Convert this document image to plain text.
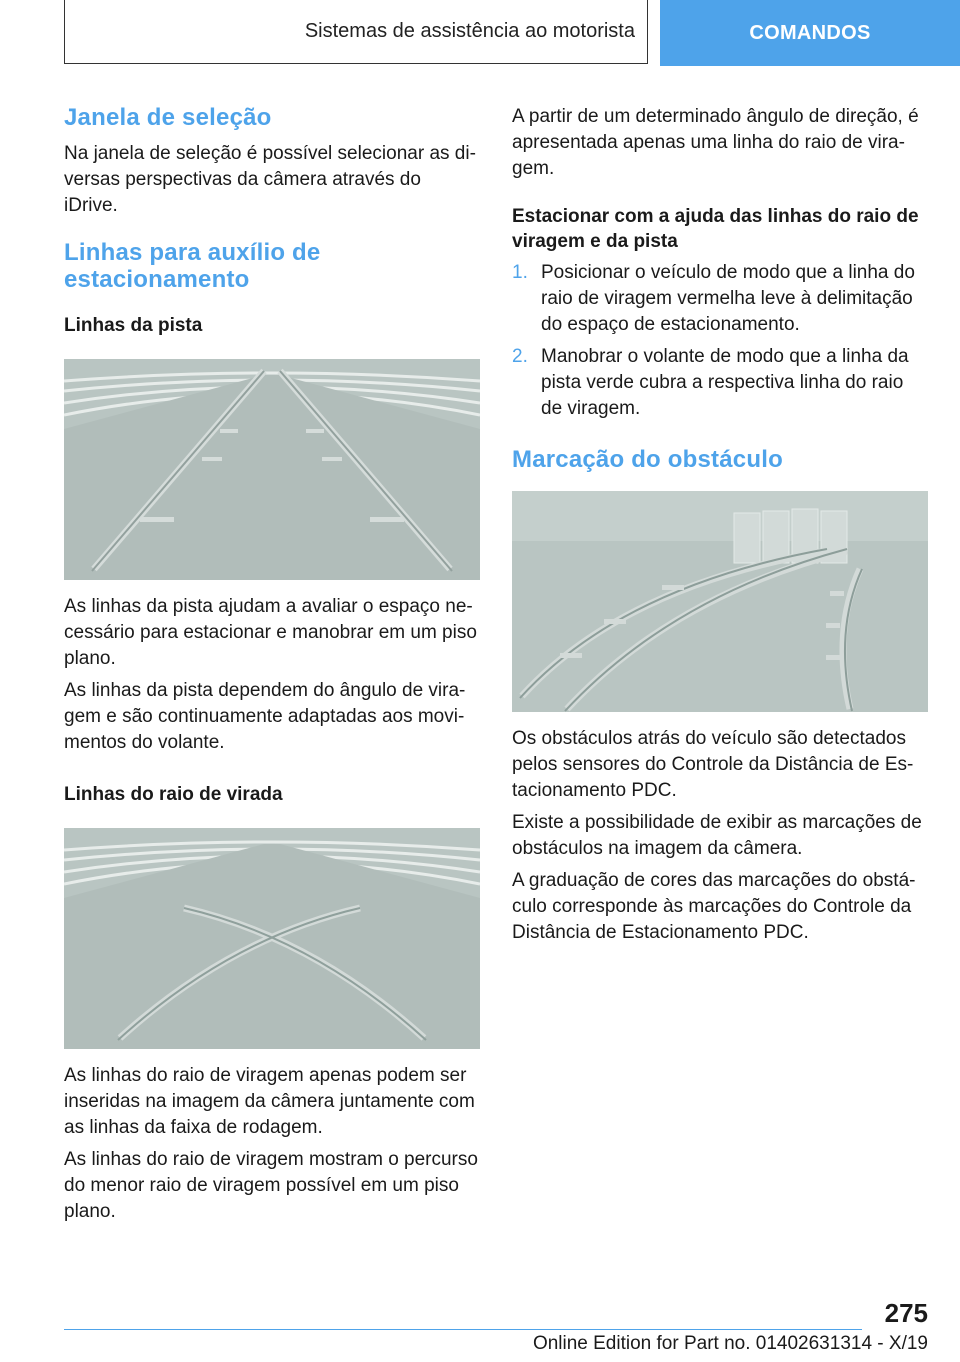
Sistemas de assistência ao motorista	COMANDOS
Janela de seleção

Na janela de seleção é possível selecionar as di-versas perspectivas da câmera através do iDrive.

Linhas para auxílio de estacionamento
Linhas da pista

As linhas da pista ajudam a avaliar o espaço ne-cessário para estacionar e manobrar em um piso plano.

As linhas da pista dependem do ângulo de vira-gem e são continuamente adaptadas aos movi-mentos do volante.

Linhas do raio de virada

As linhas do raio de viragem apenas podem ser inseridas na imagem da câmera juntamente com as linhas da faixa de rodagem.

As linhas do raio de viragem mostram o percurso do menor raio de viragem possível em um piso plano.

A partir de um determinado ângulo de direção, é apresentada apenas uma linha do raio de vira-gem.

Estacionar com a ajuda das linhas do raio de viragem e da pista
1. Posicionar o veículo de modo que a linha do raio de viragem vermelha leve à delimitação do espaço de estacionamento.
2. Manobrar o volante de modo que a linha da pista verde cubra a respectiva linha do raio de viragem.
Marcação do obstáculo

Os obstáculos atrás do veículo são detectados pelos sensores do Controle da Distância de Es-tacionamento PDC.

Existe a possibilidade de exibir as marcações de obstáculos na imagem da câmera.

A graduação de cores das marcações do obstá-culo corresponde às marcações do Controle da Distância de Estacionamento PDC.

275
Online Edition for Part no. 01402631314 - X/19
